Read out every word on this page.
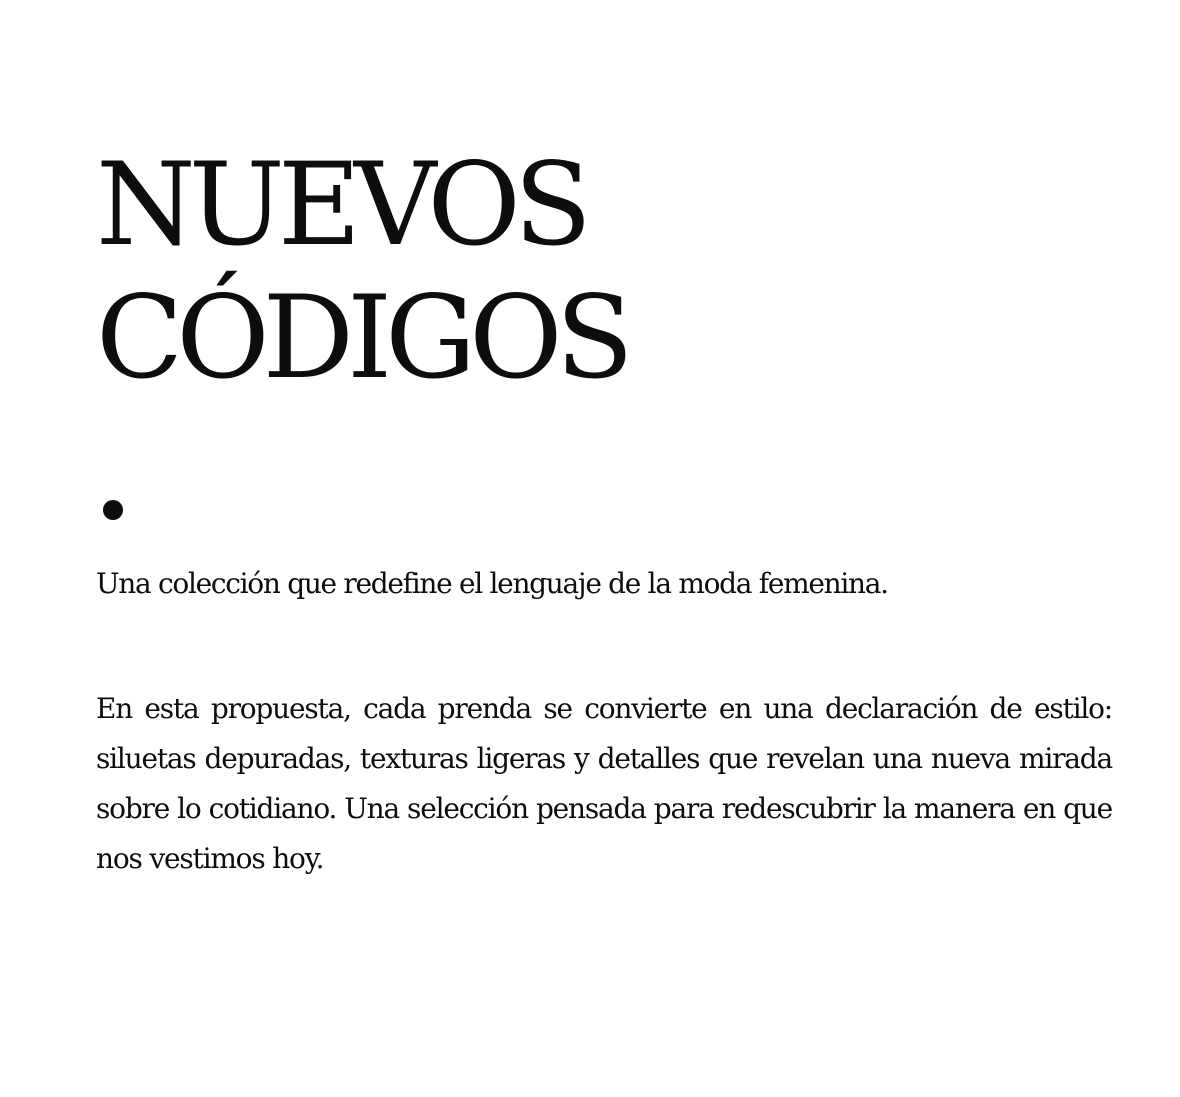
NUEVOS
CÓDIGOS

Una colección que redefine el lenguaje de la moda femenina.

En esta propuesta, cada prenda se convierte en una declaración de estilo: siluetas depuradas, texturas ligeras y detalles que revelan una nueva mirada sobre lo cotidiano. Una selección pensada para redescubrir la manera en que nos vestimos hoy.
